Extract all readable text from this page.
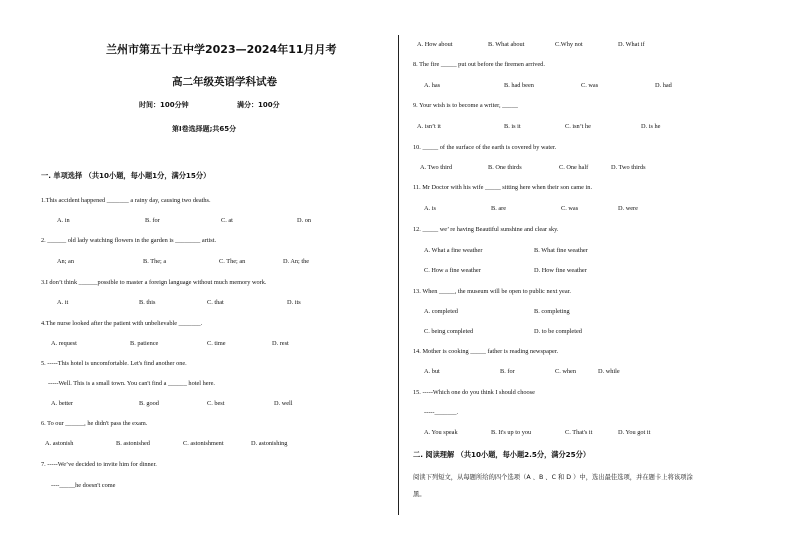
兰州市第五十五中学2023—2024年11月月考
高二年级英语学科试卷
时间：100分钟	满分：100分
第Ⅰ卷选择题;共65分
一. 单项选择 （共10小题，每小题1分，满分15分）
1.This accident happened _______ a rainy day, causing two deaths.
A. in	B. for	C. at	D. on
2. ______ old lady watching flowers in the garden is ________ artist.
An; an	B. The; a	C. The; an	D. An; the
3.I don’t think ______possible to master a foreign language without much memory work.
A. it	B. this	C. that	D. its
4.The nurse looked after the patient with unbelievable _______.
A. request	B. patience	C. time	D. rest
5. -----This hotel is uncomfortable. Let's find another one.
-----Well. This is a small town. You can't find a ______ hotel here.
A. better	B. good	C. best	D. well
6. To our ______, he didn't pass the exam.
A. astonish	B. astonished	C. astonishment	D. astonishing
7. -----We’ve decided to invite him for dinner.
----_____he doesn't come
A. How about	B. What about	C.Why not	D. What if
8. The fire _____ put out before the firemen arrived.
A. has	B. had been	C. was	D. had
9. Your wish is to become a writer, _____
A. isn’t it	B. is it	C. isn’t he	D. is he
10. _____ of the surface of the earth is covered by water.
A. Two third	B. One thirds	C. One half	D. Two thirds
11. Mr Doctor with his wife _____ sitting here when their son came in.
A. is	B. are	C. was	D. were
12. _____ we’ re having Beautiful sunshine and clear sky.
A. What a fine weather	B. What fine weather
C. How a fine weather	D. How fine weather
13. When _____, the museum will be open to public next year.
A. completed	B. completing
C. being completed	D. to be completed
14. Mother is cooking _____ father is reading newspaper.
A. but	B. for	C. when	D. while
15. -----Which one do you think I should choose
-----_______.
A. You speak	B. It's up to you	C. That's it	D. You got it
二. 阅读理解 （共10小题，每小题2.5分，满分25分）
阅读下列短文，从每题所给的四个选项（A 、B 、C 和 D ）中，选出最佳选项，并在题卡上将该项涂
黑。
